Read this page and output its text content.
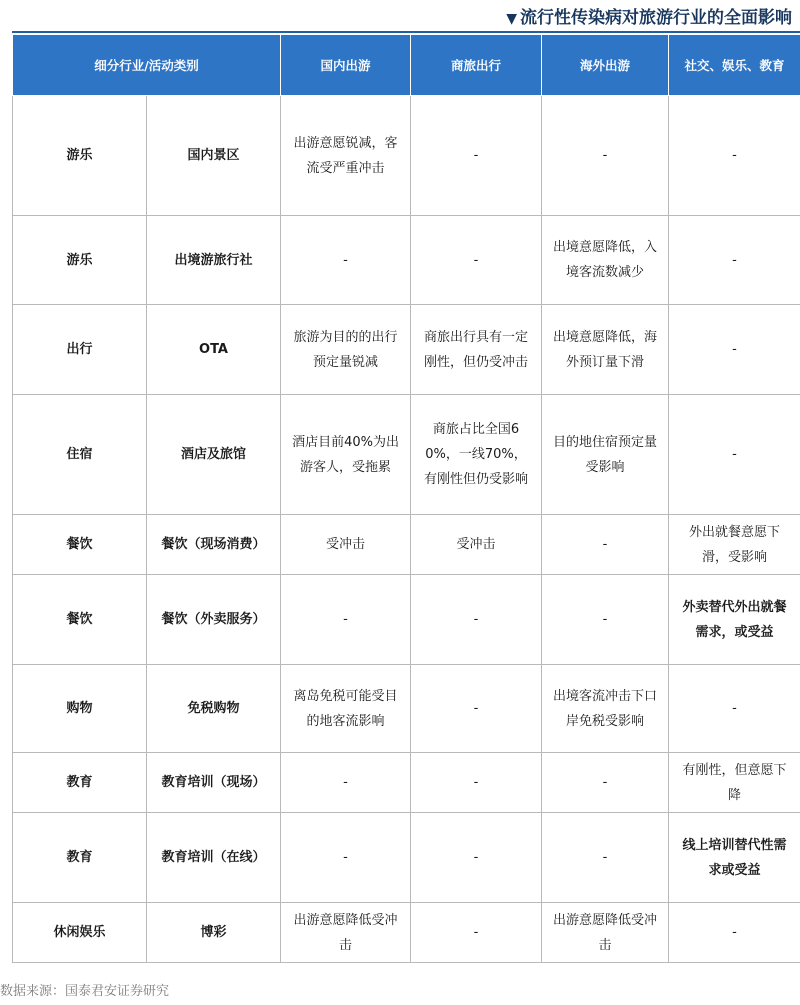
▼ 流行性传染病对旅游行业的全面影响
细分行业/活动类别		国内出游	商旅出行	海外出游	社交、娱乐、教育
游乐	国内景区	出游意愿锐减，客流受严重冲击	-	-	-
游乐	出境游旅行社	-	-	出境意愿降低，入境客流数减少	-
出行	OTA	旅游为目的的出行预定量锐减	商旅出行具有一定刚性，但仍受冲击	出境意愿降低，海外预订量下滑	-
住宿	酒店及旅馆	酒店目前40%为出游客人，受拖累	商旅占比全国60%，一线70%，有刚性但仍受影响	目的地住宿预定量受影响	-
餐饮	餐饮（现场消费）	受冲击	受冲击	-	外出就餐意愿下滑，受影响
餐饮	餐饮（外卖服务）	-	-	-	外卖替代外出就餐需求，或受益
购物	免税购物	离岛免税可能受目的地客流影响	-	出境客流冲击下口岸免税受影响	-
教育	教育培训（现场）	-	-	-	有刚性，但意愿下降
教育	教育培训（在线）	-	-	-	线上培训替代性需求或受益
休闲娱乐	博彩	出游意愿降低受冲击	-	出游意愿降低受冲击	-
数据来源：国泰君安证券研究
